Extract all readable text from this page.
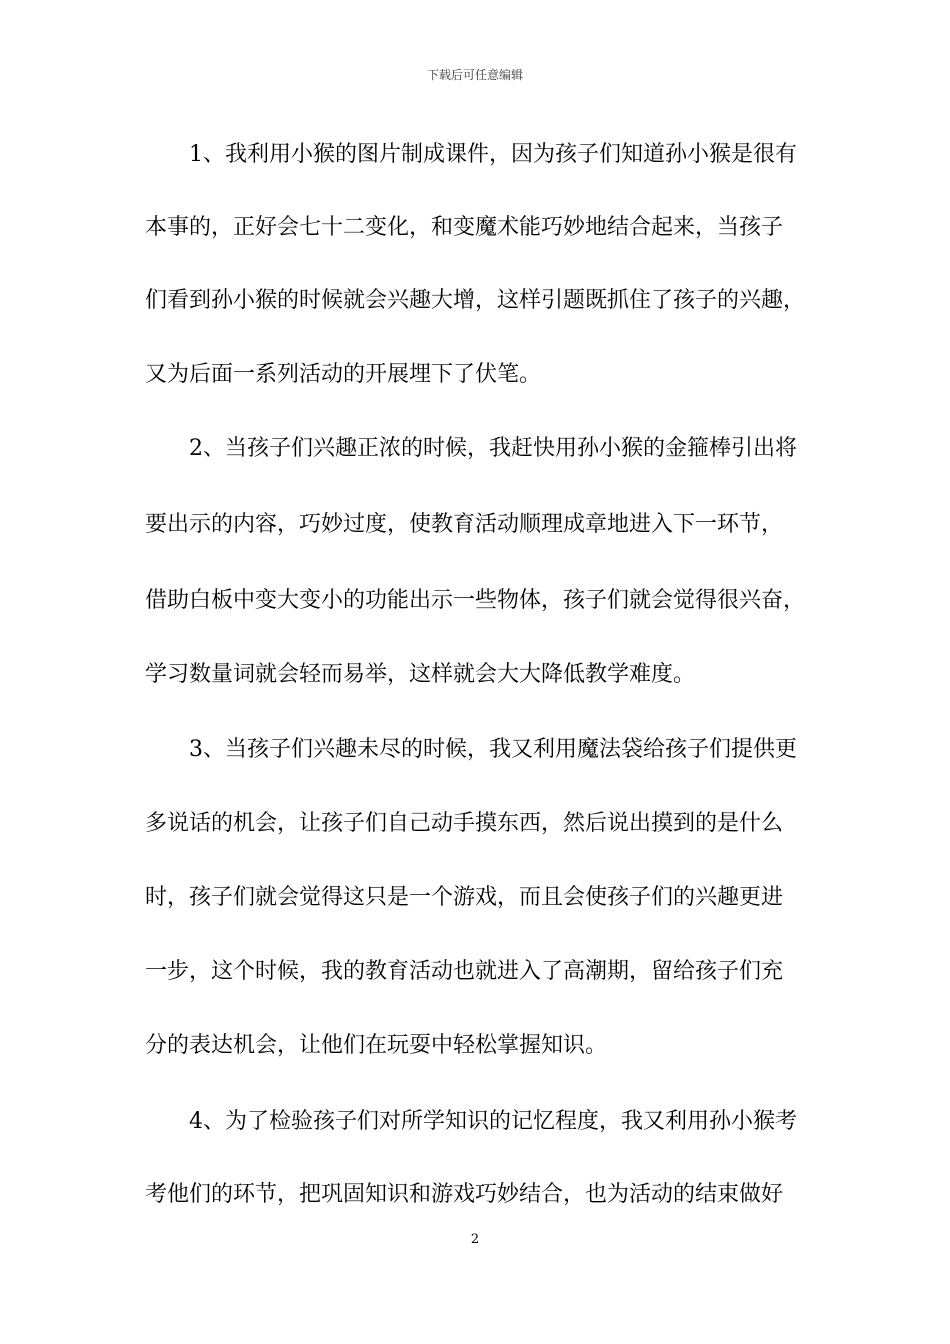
下载后可任意编辑
1、我利用小猴的图片制成课件，因为孩子们知道孙小猴是很有
本事的，正好会七十二变化，和变魔术能巧妙地结合起来，当孩子
们看到孙小猴的时候就会兴趣大增，这样引题既抓住了孩子的兴趣，
又为后面一系列活动的开展埋下了伏笔。
2、当孩子们兴趣正浓的时候，我赶快用孙小猴的金箍棒引出将
要出示的内容，巧妙过度，使教育活动顺理成章地进入下一环节，
借助白板中变大变小的功能出示一些物体，孩子们就会觉得很兴奋，
学习数量词就会轻而易举，这样就会大大降低教学难度。
3、当孩子们兴趣未尽的时候，我又利用魔法袋给孩子们提供更
多说话的机会，让孩子们自己动手摸东西，然后说出摸到的是什么
时，孩子们就会觉得这只是一个游戏，而且会使孩子们的兴趣更进
一步，这个时候，我的教育活动也就进入了高潮期，留给孩子们充
分的表达机会，让他们在玩耍中轻松掌握知识。
4、为了检验孩子们对所学知识的记忆程度，我又利用孙小猴考
考他们的环节，把巩固知识和游戏巧妙结合，也为活动的结束做好
2
